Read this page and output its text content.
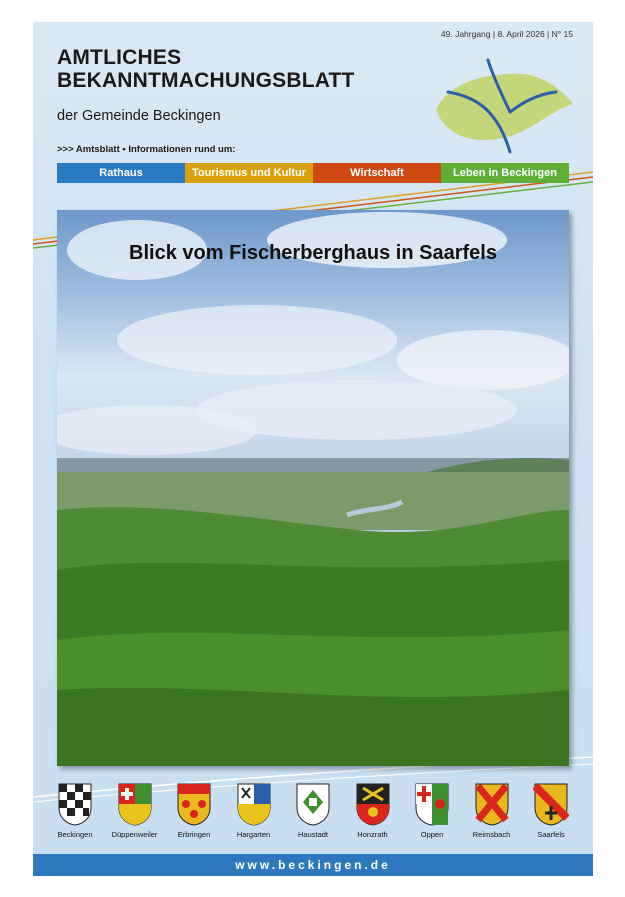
49. Jahrgang | 8. April 2026 | N° 15
AMTLICHES
BEKANNTMACHUNGSBLATT
der Gemeinde Beckingen
>>> Amtsblatt • Informationen rund um:
Rathaus	Tourismus und Kultur	Wirtschaft	Leben in Beckingen
Blick vom Fischerberghaus in Saarfels
Beckingen	Düppenweiler	Erbringen	Hargarten	Haustadt	Honzrath	Oppen	Reimsbach	Saarfels
www.beckingen.de
